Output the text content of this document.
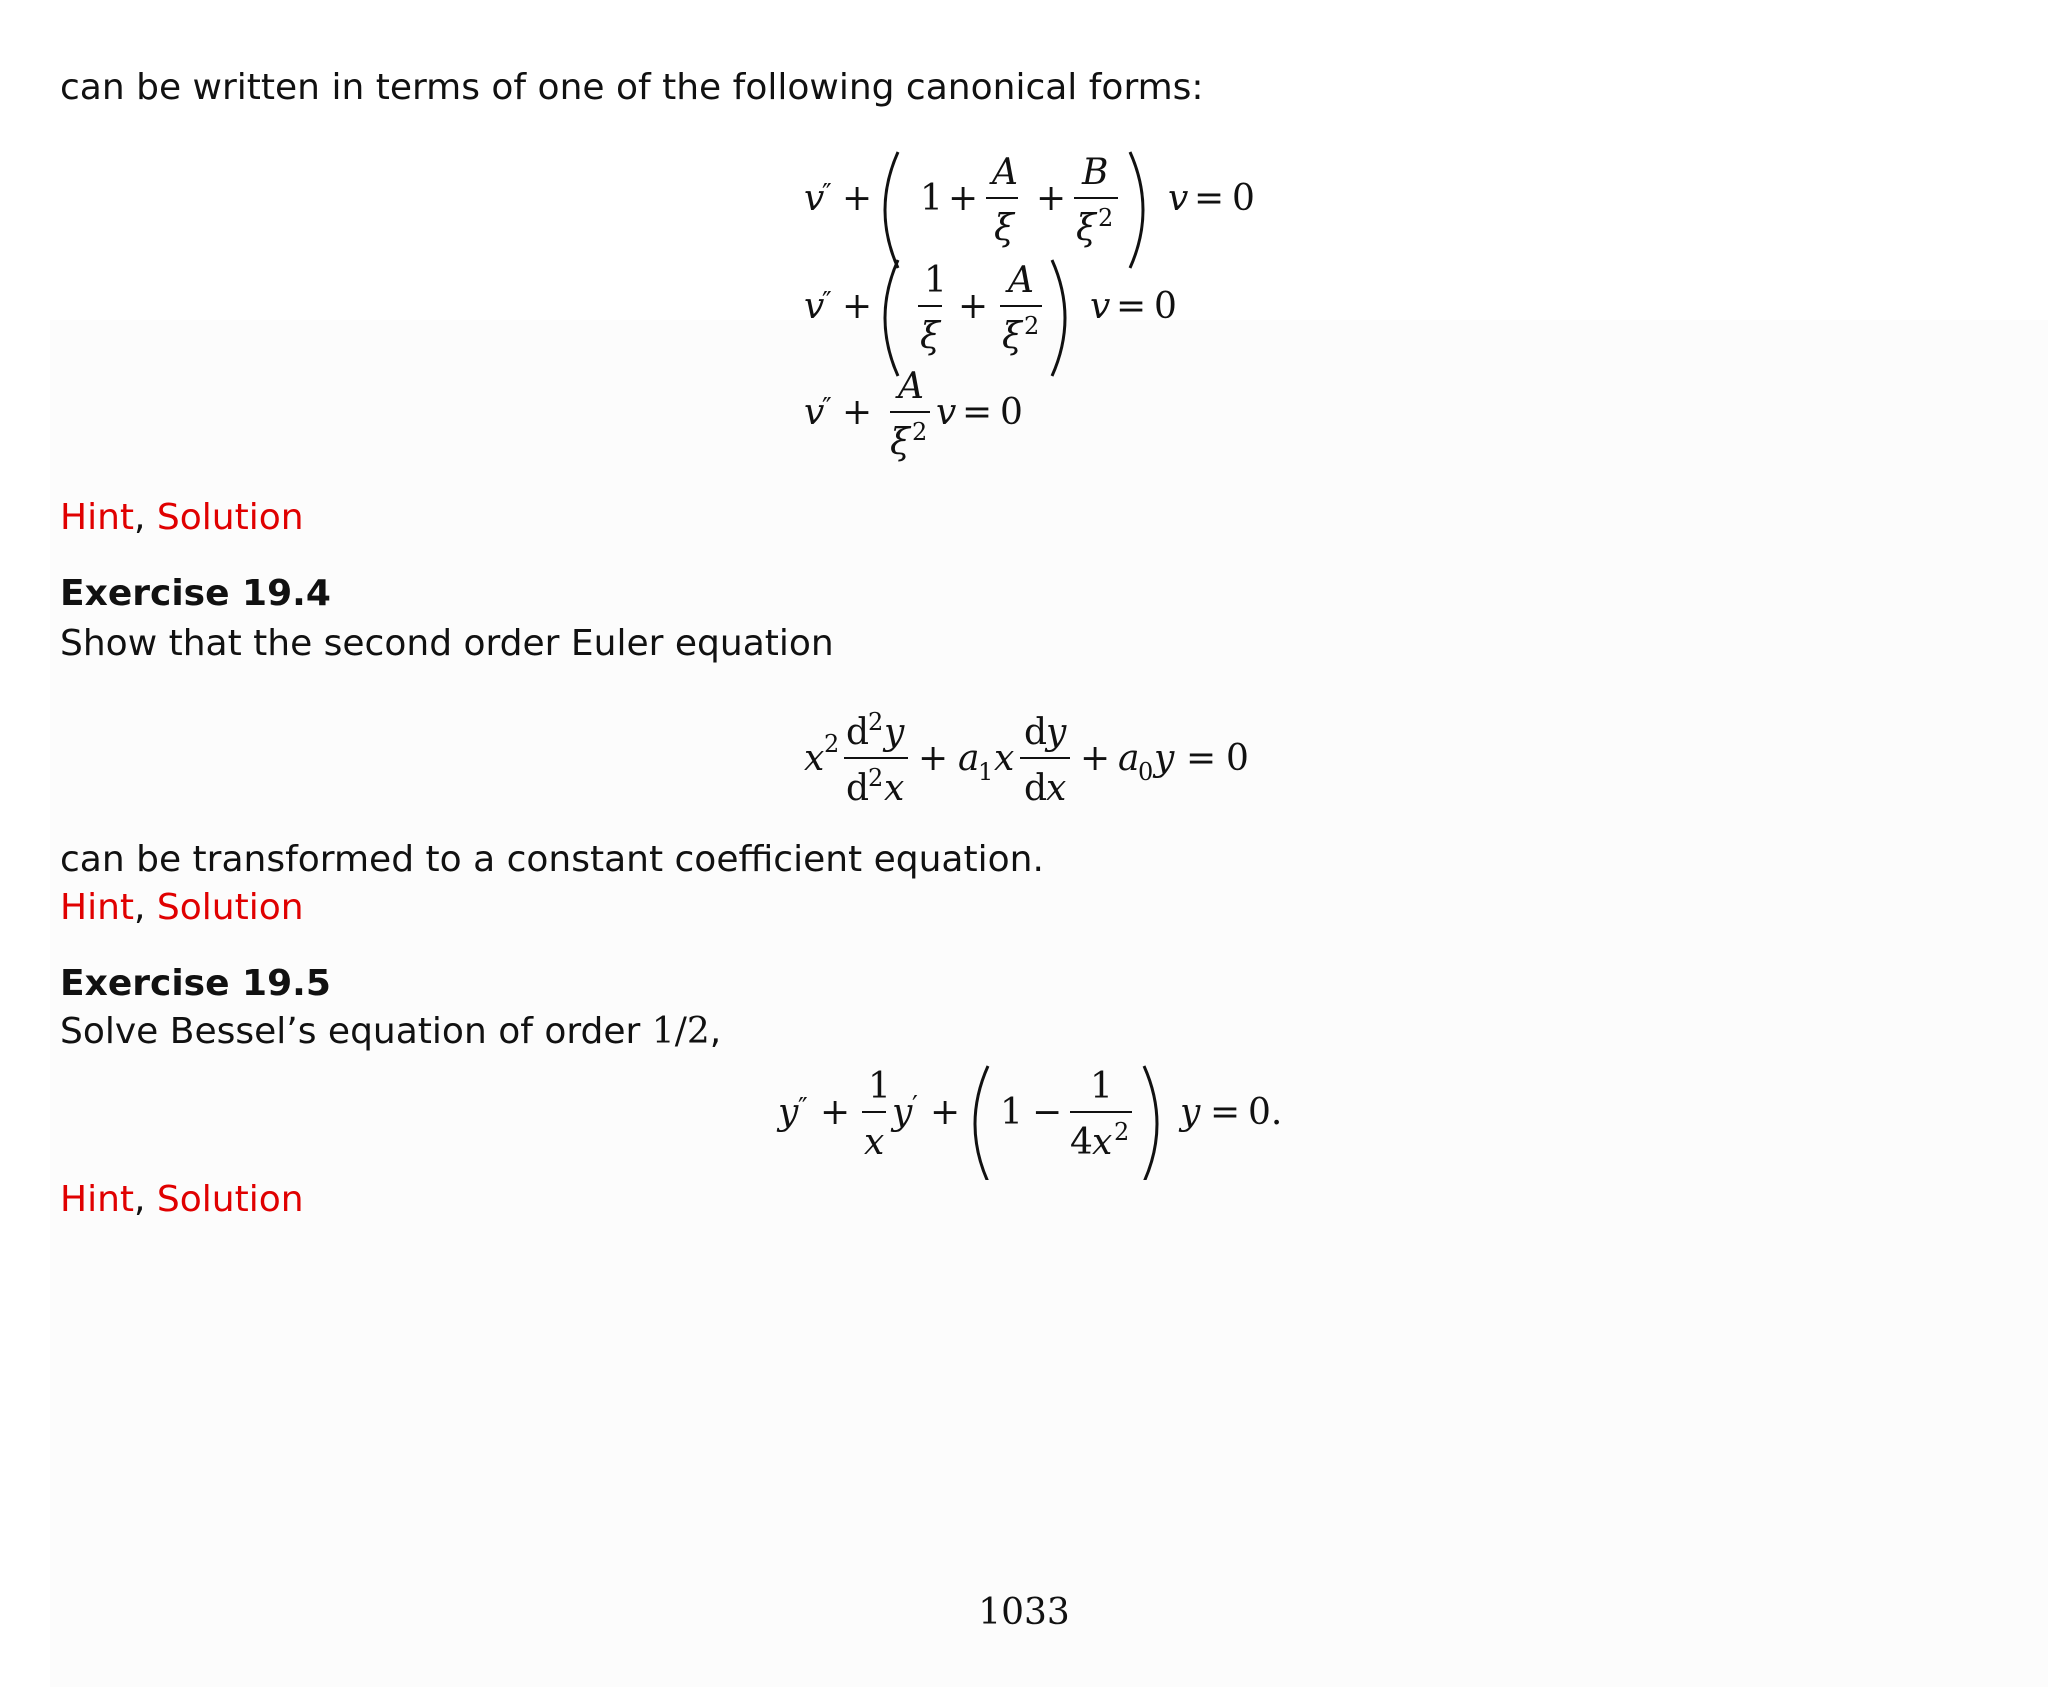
can be written in terms of one of the following canonical forms:
v
″ + 1 +
A
ξ
+
B
ξ 2 v = 0
v
″ +
1
ξ
+
A
ξ 2 v = 0
v
″ +
A
ξ 2 v = 0
Hint, Solution
Exercise 19.4
Show that the second order Euler equation
x 2 d
2 y
d
2 x
+ a
1 x
d
y
d
x
+ a
0 y = 0
can be transformed to a constant coefficient equation.
Hint, Solution
Exercise 19.5
Solve Bessel’s equation of order 1/2,
y ″ +
1
x
y ′ + 1 −
1
4 x 2 y = 0.
Hint, Solution
1033
